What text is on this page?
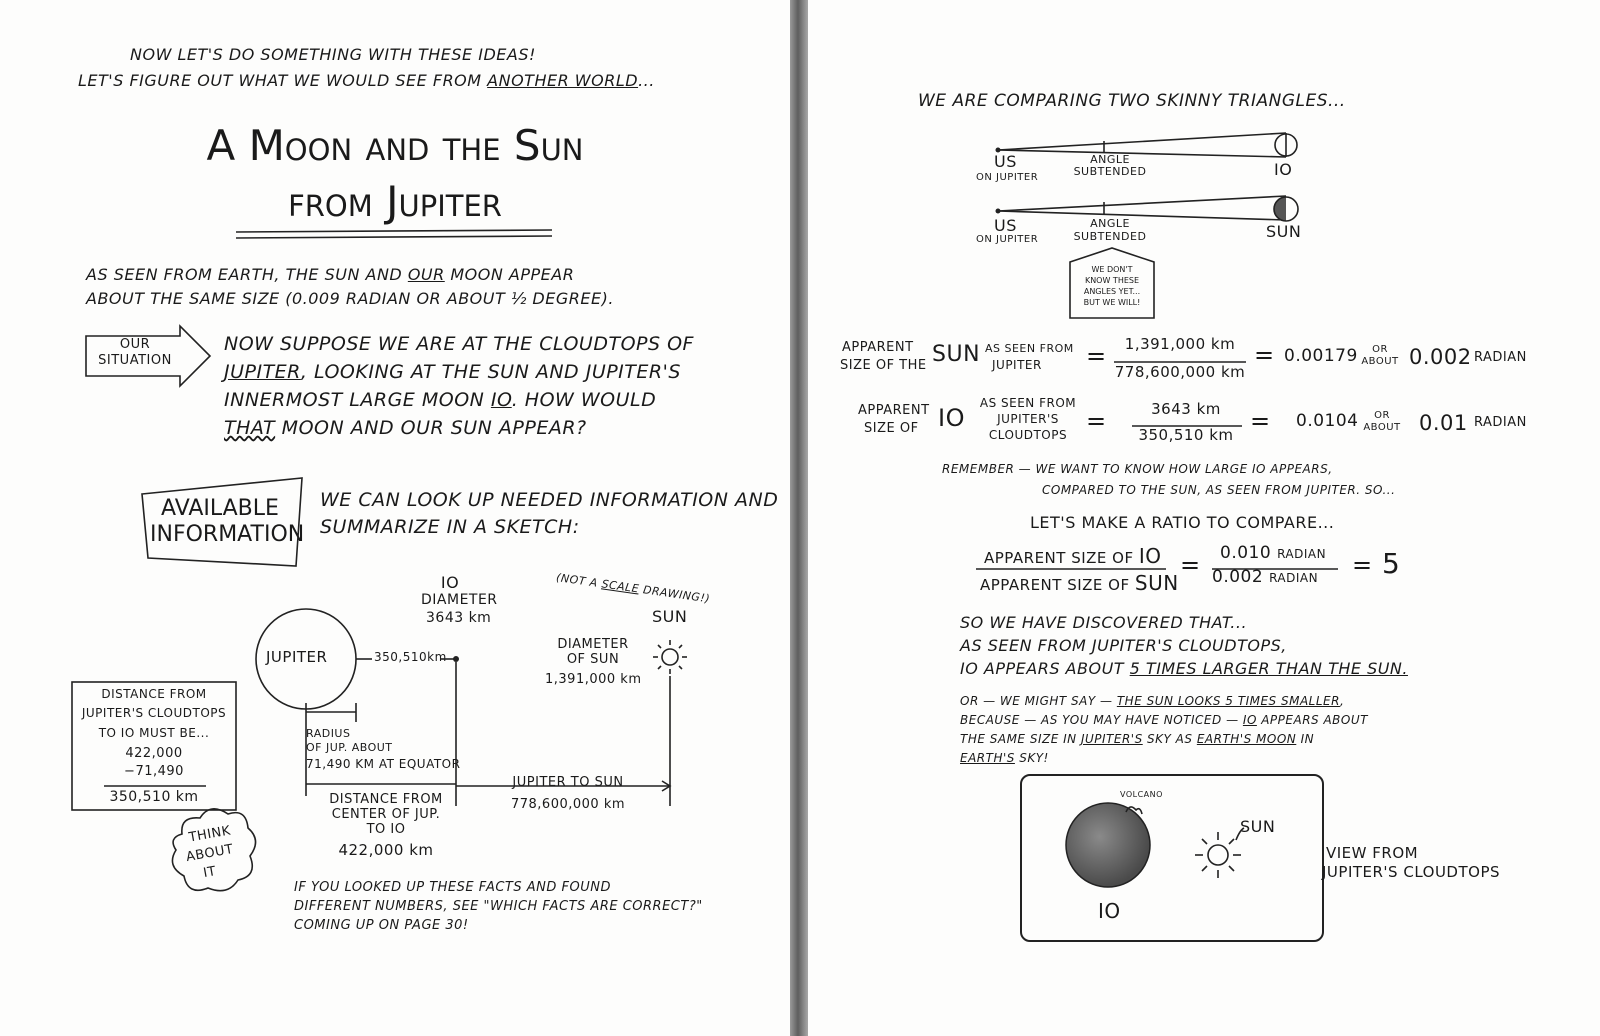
NOW LET'S DO SOMETHING WITH THESE IDEAS!
LET'S FIGURE OUT WHAT WE WOULD SEE FROM ANOTHER WORLD...
A Moon and the Sun
from Jupiter
AS SEEN FROM EARTH, THE SUN AND OUR MOON APPEAR
ABOUT THE SAME SIZE (0.009 RADIAN OR ABOUT ½ DEGREE).
OUR SITUATION
NOW SUPPOSE WE ARE AT THE CLOUDTOPS OF
JUPITER, LOOKING AT THE SUN AND JUPITER'S
INNERMOST LARGE MOON IO. HOW WOULD
THAT MOON AND OUR SUN APPEAR?
AVAILABLE INFORMATION
WE CAN LOOK UP NEEDED INFORMATION AND
SUMMARIZE IN A SKETCH:
IO
DIAMETER
3643 km
(NOT A SCALE DRAWING!)
SUN
DIAMETER
OF SUN
1,391,000 km
JUPITER	350,510km
RADIUS
OF JUP. ABOUT
71,490 KM AT EQUATOR
DISTANCE FROM
CENTER OF JUP.
TO IO
422,000 km
JUPITER TO SUN
778,600,000 km
DISTANCE FROM
JUPITER'S CLOUDTOPS
TO IO MUST BE...
422,000
−71,490
350,510 km
THINK
ABOUT
IT
IF YOU LOOKED UP THESE FACTS AND FOUND
DIFFERENT NUMBERS, SEE "WHICH FACTS ARE CORRECT?"
COMING UP ON PAGE 30!
WE ARE COMPARING TWO SKINNY TRIANGLES...
US
ON JUPITER
ANGLE
SUBTENDED	IO
US
ON JUPITER
ANGLE
SUBTENDED	SUN
WE DON'T
KNOW THESE
ANGLES YET...
BUT WE WILL!
APPARENT
SIZE OF THE SUN AS SEEN FROM
JUPITER =	1,391,000 km
778,600,000 km
= 0.00179	OR
ABOUT 0.002 RADIAN
APPARENT
SIZE OF IO
AS SEEN FROM
JUPITER'S
CLOUDTOPS =	3643 km
350,510 km = 0.0104	OR
ABOUT 0.01 RADIAN
REMEMBER — WE WANT TO KNOW HOW LARGE IO APPEARS,
COMPARED TO THE SUN, AS SEEN FROM JUPITER. SO...
LET'S MAKE A RATIO TO COMPARE...
APPARENT SIZE OF IO
APPARENT SIZE OF SUN
= 0.010 RADIAN
0.002 RADIAN = 5
SO WE HAVE DISCOVERED THAT...
AS SEEN FROM JUPITER'S CLOUDTOPS,
IO APPEARS ABOUT 5 TIMES LARGER THAN THE SUN.
OR — WE MIGHT SAY — THE SUN LOOKS 5 TIMES SMALLER,
BECAUSE — AS YOU MAY HAVE NOTICED — IO APPEARS ABOUT
THE SAME SIZE IN JUPITER'S SKY AS EARTH'S MOON IN
EARTH'S SKY!
VOLCANO
SUN
IO
VIEW FROM
JUPITER'S CLOUDTOPS
